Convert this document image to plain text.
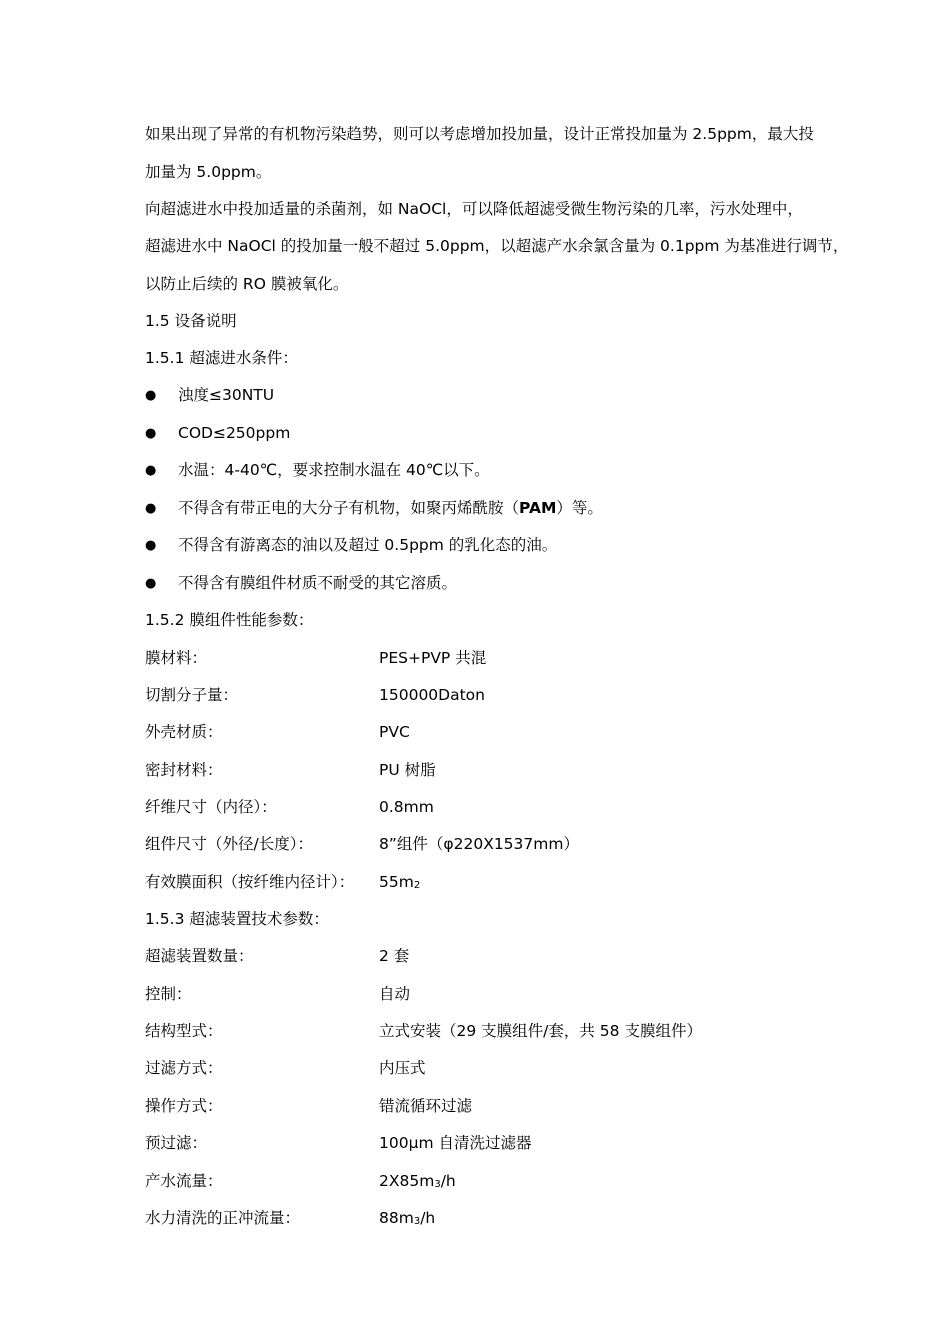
如果出现了异常的有机物污染趋势，则可以考虑增加投加量，设计正常投加量为 2.5ppm，最大投
加量为 5.0ppm。
向超滤进水中投加适量的杀菌剂，如 NaOCl，可以降低超滤受微生物污染的几率，污水处理中，
超滤进水中 NaOCl 的投加量一般不超过 5.0ppm，以超滤产水余氯含量为 0.1ppm 为基准进行调节，
以防止后续的 RO 膜被氧化。
1.5 设备说明
1.5.1 超滤进水条件：
● 浊度≤30NTU
● COD≤250ppm
● 水温：4-40℃，要求控制水温在 40℃以下。
● 不得含有带正电的大分子有机物，如聚丙烯酰胺（PAM）等。
● 不得含有游离态的油以及超过 0.5ppm 的乳化态的油。
● 不得含有膜组件材质不耐受的其它溶质。
1.5.2 膜组件性能参数：
膜材料：	PES+PVP 共混
切割分子量：	150000Daton
外壳材质：	PVC
密封材料：	PU 树脂
纤维尺寸（内径）：	0.8mm
组件尺寸（外径/长度）：	8”组件（φ220X1537mm）
有效膜面积（按纤维内径计）： $55m_2$
1.5.3 超滤装置技术参数：
超滤装置数量：	2 套
控制：	自动
结构型式：	立式安装（29 支膜组件/套，共 58 支膜组件）
过滤方式：	内压式
操作方式：	错流循环过滤
预过滤：	100μm 自清洗过滤器
产水流量：	$2X85m_3/h$
水力清洗的正冲流量：	$88m_3/h$
